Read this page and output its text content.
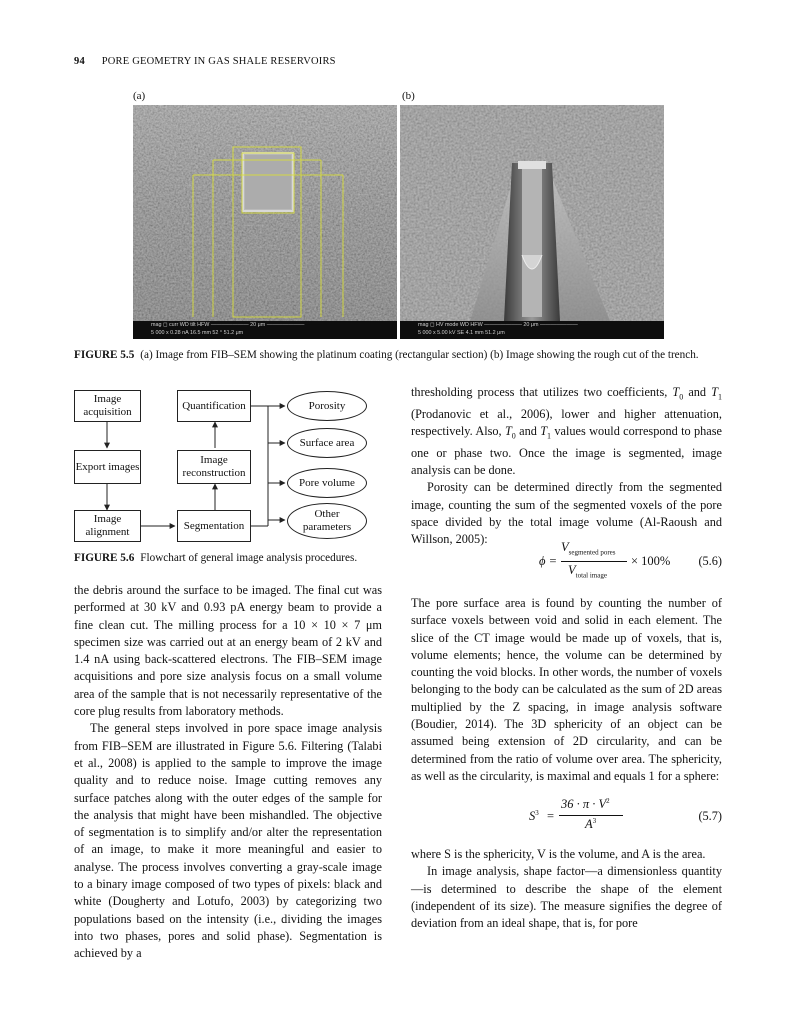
94 PORE GEOMETRY IN GAS SHALE RESERVOIRS
(a)	(b)
mag ◻ curr WD tilt HFW ——————— 20 μm ———————
5 000 x 0.28 nA 16.5 mm 52 ° 51.2 μm
mag ◻ HV mode WD HFW ——————— 20 μm ———————
5 000 x 5.00 kV SE 4.1 mm 51.2 μm
FIGURE 5.5 (a) Image from FIB–SEM showing the platinum coating (rectangular section) (b) Image showing the rough cut of the trench.
Image acquisition
Quantification
Export images
Image reconstruction
Image alignment
Segmentation
Porosity
Surface area
Pore volume
Other parameters
FIGURE 5.6 Flowchart of general image analysis procedures.

the debris around the surface to be imaged. The final cut was performed at 30 kV and 0.93 pA energy beam to provide a fine clean cut. The milling process for a 10 × 10 × 7 μm specimen size was carried out at an energy beam of 2 kV and 1.4 nA using back-scattered electrons. The FIB–SEM image acquisitions and pore size analysis focus on a small volume area of the sample that is not necessarily representative of the core plug results from laboratory methods.

The general steps involved in pore space image analysis from FIB–SEM are illustrated in Figure 5.6. Filtering (Talabi et al., 2008) is applied to the sample to improve the image quality and to reduce noise. Image cutting removes any surface patches along with the outer edges of the sample for the analysis that might have been mishandled. The objective of segmentation is to simplify and/or alter the representation of an image, to make it more meaningful and easier to analyse. The process involves converting a gray-scale image to a binary image composed of two types of pixels: black and white (Dougherty and Lotufo, 2003) by categorizing two populations based on the intensity (i.e., dividing the images into two phases, pores and solid phase). Segmentation is achieved by a

thresholding process that utilizes two coefficients, $T_0$ and $T_1$ (Prodanovic et al., 2006), lower and higher attenuation, respectively. Also, $T_0$ and $T_1$ values would correspond to phase one or phase two. Once the image is segmented, image analysis can be done.

Porosity can be determined directly from the segmented image, counting the sum of the segmented voxels of the pore space divided by the total image volume (Al-Raoush and Willson, 2005):

ϕ =
$V_{segmented pores}$
$V_{total image}$
× 100% (5.6)

The pore surface area is found by counting the number of surface voxels between void and solid in each element. The slice of the CT image would be made up of voxels, that is, volume elements; hence, the volume can be determined by counting the void blocks. In other words, the number of voxels belonging to the body can be calculated as the sum of 2D areas multiplied by the Z spacing, in image analysis software (Boudier, 2014). The 3D sphericity of an object can be assumed being extension of 2D circularity, and can be determined from the ratio of volume over area. The sphericity, as well as the circularity, is maximal and equals 1 for a sphere:

$S^3$ =
$36 \cdot \pi \cdot V^2$
$A^3$	(5.7)

where S is the sphericity, V is the volume, and A is the area.

In image analysis, shape factor—a dimensionless quantity—is determined to describe the shape of the element (independent of its size). The measure signifies the degree of deviation from an ideal shape, that is, for pore
